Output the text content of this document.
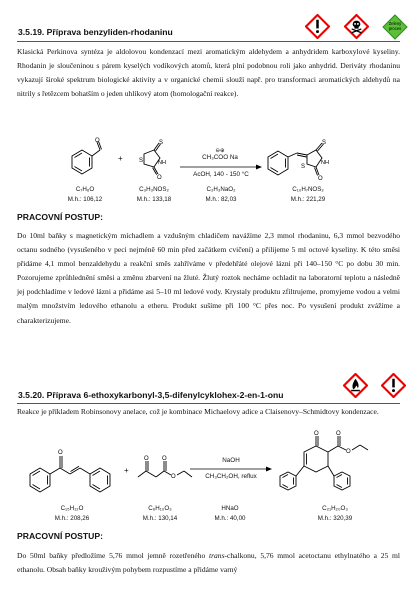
3.5.19. Příprava benzyliden-rhodaninu
Zelený
proces

Klasická Perkinova syntéza je aldolovou kondenzací mezi aromatickým aldehydem a anhydridem karboxylové kyseliny. Rhodanin je sloučeninou s párem kyselých vodíkových atomů, která plní podobnou roli jako anhydrid. Deriváty rhodaninu vykazují široké spektrum biologické aktivity a v organické chemii slouží např. pro transformaci aromatických aldehydů na nitrily s řetězcem bohatším o jeden uhlíkový atom (homologační reakce).

O
+
S
S	NH
O
⊖⊕
CH₃COO Na
AcOH, 140 - 150 °C
S
S
NH
O
C₇H₆O
M.h.: 106,12
C₃H₃NOS₂
M.h.: 133,18
C₂H₃NaO₂
M.h.: 82,03
C₁₀H₇NOS₂
M.h.: 221,29
PRACOVNÍ POSTUP:

Do 10ml baňky s magnetickým míchadlem a vzdušným chladičem navážíme 2,3 mmol rhodaninu, 6,3 mmol bezvodého octanu sodného (vysušeného v peci nejméně 60 min před začátkem cvičení) a přilijeme 5 ml octové kyseliny. K této směsi přidáme 4,1 mmol benzaldehydu a reakční směs zahříváme v předehřáté olejové lázni při 140–150 °C po dobu 30 min. Pozorujeme zprůhlednění směsi a změnu zbarvení na žluté. Žlutý roztok necháme ochladit na laboratorní teplotu a následně jej podchladíme v ledové lázni a přidáme asi 5–10 ml ledové vody. Krystaly produktu zfiltrujeme, promyjeme vodou a velmi malým množstvím ledového ethanolu a etheru. Produkt sušíme při 100 °C přes noc. Po vysušení produkt zvážíme a charakterizujeme.

3.5.20. Příprava 6-ethoxykarbonyl-3,5-difenylcyklohex-2-en-1-onu

Reakce je příkladem Robinsonovy anelace, což je kombinace Michaelovy adice a Claisenovy–Schmidtovy kondenzace.

O
+
O O
O
NaOH
CH₃CH₂OH, reflux
O	O
O
C₁₅H₁₂O
M.h.: 208,26
C₆H₁₀O₃
M.h.: 130,14
HNaO
M.h.: 40,00
C₂₁H₂₀O₃
M.h.: 320,39
PRACOVNÍ POSTUP:

Do 50ml baňky předložíme 5,76 mmol jemně rozetřeného trans-chalkonu, 5,76 mmol acetoctanu ethylnatého a 25 ml ethanolu. Obsah baňky krouživým pohybem rozpustíme a přidáme varný
